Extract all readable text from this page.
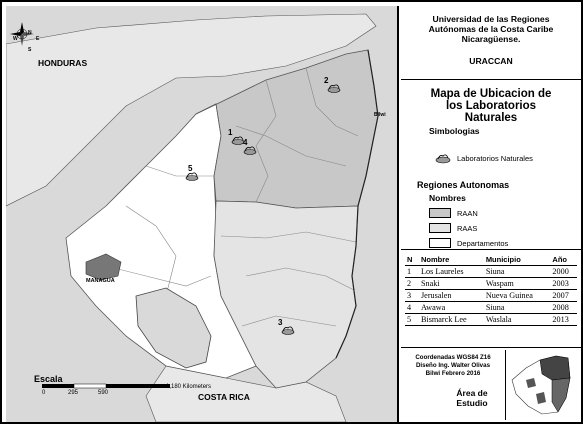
N
S
E
W
HONDURAS
COSTA RICA
MANAGUA
Bilwi
Escala
0	295	590
1,180 Kilometers
1
2
3
4
5
Universidad de las Regiones Autónomas de la Costa Caribe Nicaragüense.
URACCAN
Mapa de Ubicacion de los Laboratorios Naturales
Simbologias
Laboratorios Naturales
Regiones Autonomas
Nombres
RAAN
RAAS
Departamentos
N	Nombre	Municipio	Año
1	Los Laureles	Siuna	2000
2	Snaki	Waspam	2003
3	Jerusalen	Nueva Guinea	2007
4	Awawa	Siuna	2008
5	Bismarck Lee	Waslala	2013
Coordenadas WGS84 Z16
Diseño Ing. Walter Olivas
Bilwi Febrero 2016
Área de Estudio
